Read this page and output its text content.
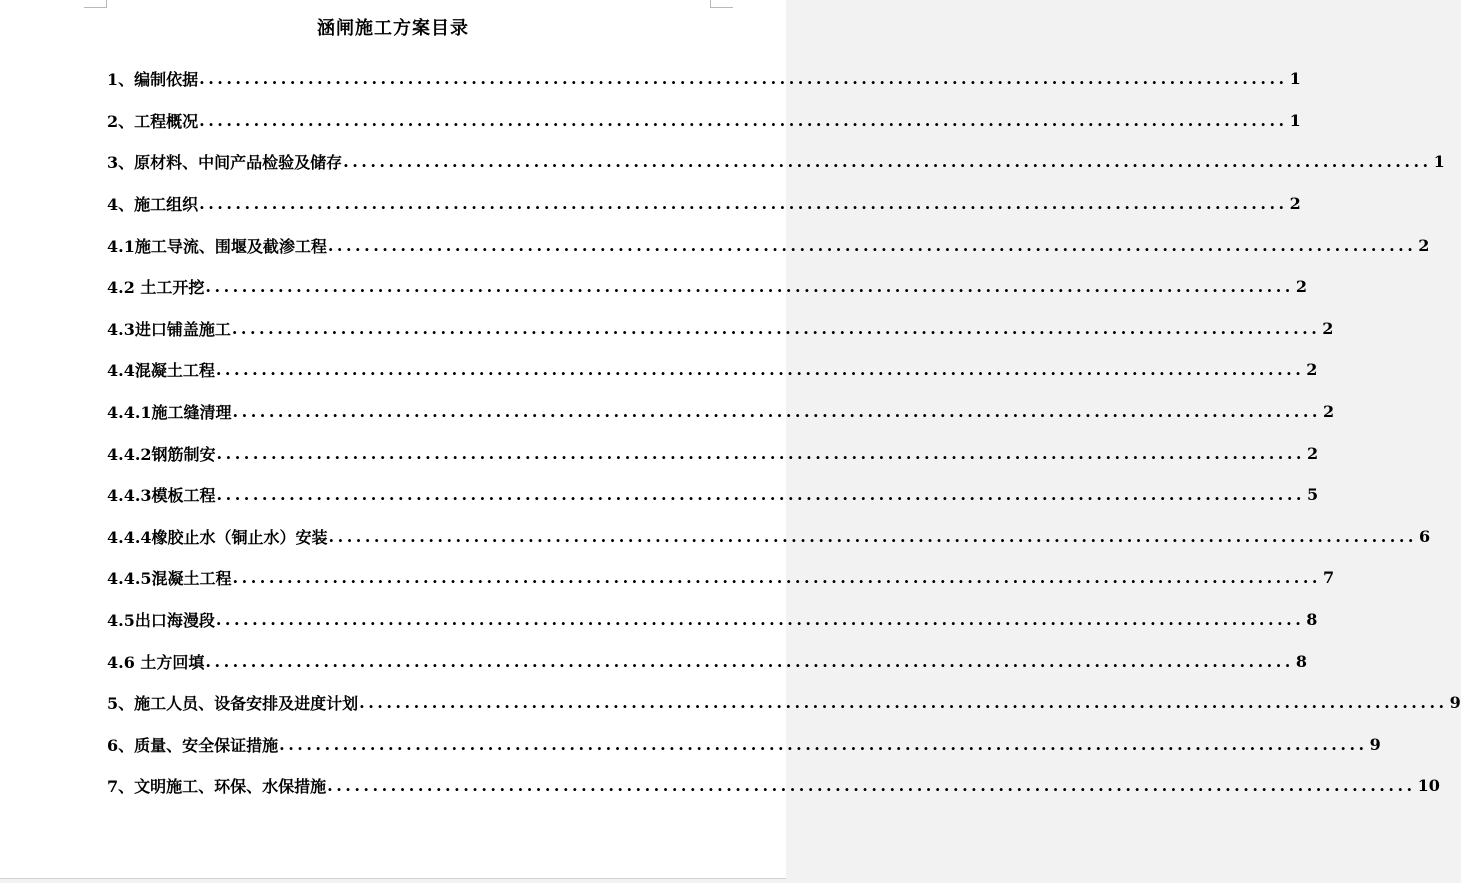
涵闸施工方案目录
1、编制依据 ........................................................................................................................ 1
2、工程概况 ........................................................................................................................ 1
3、原材料、中间产品检验及储存 ........................................................................................................................ 1
4、施工组织 ........................................................................................................................ 2
4.1施工导流、围堰及截渗工程 ........................................................................................................................ 2
4.2 土工开挖 ........................................................................................................................ 2
4.3进口铺盖施工 ........................................................................................................................ 2
4.4混凝土工程 ........................................................................................................................ 2
4.4.1施工缝清理 ........................................................................................................................ 2
4.4.2钢筋制安 ........................................................................................................................ 2
4.4.3模板工程 ........................................................................................................................ 5
4.4.4橡胶止水（铜止水）安装 ........................................................................................................................ 6
4.4.5混凝土工程 ........................................................................................................................ 7
4.5出口海漫段 ........................................................................................................................ 8
4.6 土方回填 ........................................................................................................................ 8
5、施工人员、设备安排及进度计划 ........................................................................................................................ 9
6、质量、安全保证措施 ........................................................................................................................ 9
7、文明施工、环保、水保措施 ........................................................................................................................ 10
